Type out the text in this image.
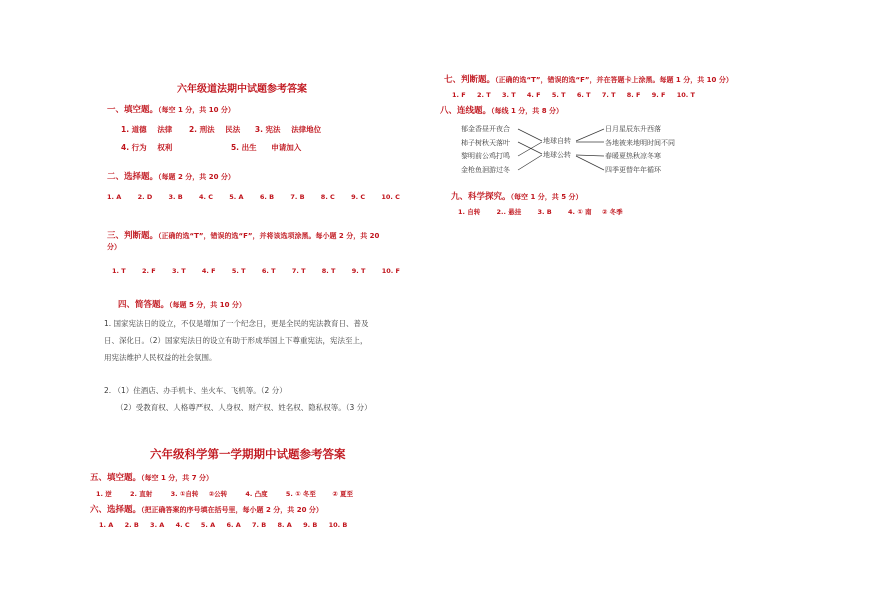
六年级道法期中试题参考答案
一、填空题。（每空 1 分，共 10 分）
1. 道德 法律 2. 刑法 民法 3. 宪法 法律地位
4. 行为 权利	5. 出生 申请加入
二、选择题。（每题 2 分，共 20 分）
1. A	2. D	3. B	4. C	5. A	6. B	7. B	8. C	9. C	10. C
三、判断题。（正确的选“T”，错误的选“F”，并将该选项涂黑。每小题 2 分，共 20
分）
1. T	2. F	3. T	4. F	5. T	6. T	7. T	8. T	9. T	10. F
四、简答题。（每题 5 分，共 10 分）
1. 国家宪法日的设立，不仅是增加了一个纪念日，更是全民的宪法教育日、普及
日、深化日。（2）国家宪法日的设立有助于形成举国上下尊重宪法，宪法至上，
用宪法维护人民权益的社会氛围。
2. （1）住酒店、办手机卡、坐火车、飞机等。（2 分）
（2）受教育权、人格尊严权、人身权、财产权、姓名权、隐私权等。（3 分）
六年级科学第一学期期中试题参考答案
五、填空题。（每空 1 分，共 7 分）
1. 逆	2. 直射	3. ①自转 ②公转	4. 凸度	5. ① 冬至	② 夏至
六、选择题。（把正确答案的序号填在括号里，每小题 2 分，共 20 分）
1. A 2. B 3. A 4. C 5. A 6. A 7. B 8. A 9. B 10. B
七、判断题。（正确的选“T”，错误的选“F”，并在答题卡上涂黑。每题 1 分，共 10 分）
1. F 2. T 3. T 4. F 5. T 6. T 7. T 8. F 9. F 10. T
八、连线题。（每线 1 分，共 8 分）
郁金香昼开夜合
柿子树秋天落叶
黎明前公鸡打鸣
金枪鱼洄游过冬
地球自转
地球公转
日月星辰东升西落
各地被来地明时间不同
春暖夏热秋凉冬寒
四季更替年年循环
九、科学探究。（每空 1 分，共 5 分）
1. 自转	2.. 悬挂	3. B	4. ① 南 ② 冬季
